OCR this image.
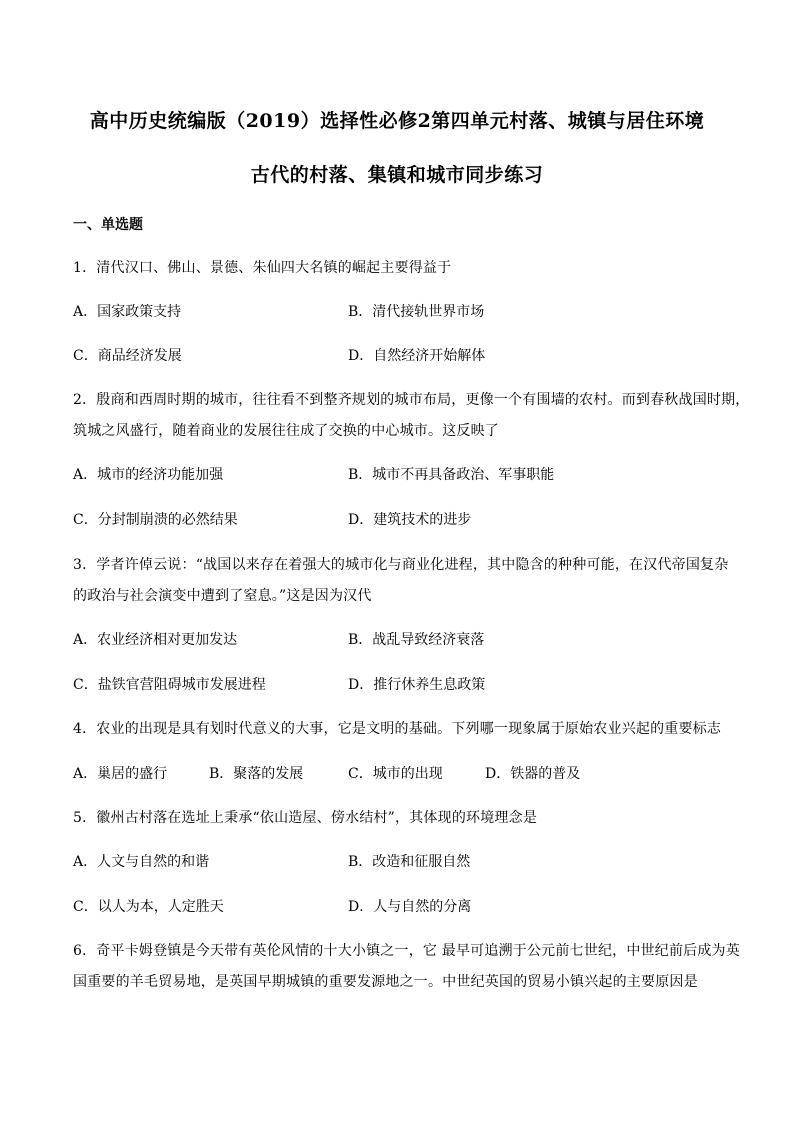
高中历史统编版（2019）选择性必修2第四单元村落、城镇与居住环境
古代的村落、集镇和城市同步练习
一、单选题
1．清代汉口、佛山、景德、朱仙四大名镇的崛起主要得益于
A．国家政策支持	B．清代接轨世界市场
C．商品经济发展	D．自然经济开始解体
2．殷商和西周时期的城市，往往看不到整齐规划的城市布局，更像一个有围墙的农村。而到春秋战国时期，
筑城之风盛行，随着商业的发展往往成了交换的中心城市。这反映了
A．城市的经济功能加强	B．城市不再具备政治、军事职能
C．分封制崩溃的必然结果	D．建筑技术的进步
3．学者许倬云说：“战国以来存在着强大的城市化与商业化进程，其中隐含的种种可能，在汉代帝国复杂
的政治与社会演变中遭到了窒息。”这是因为汉代
A．农业经济相对更加发达	B．战乱导致经济衰落
C．盐铁官营阻碍城市发展进程	D．推行休养生息政策
4．农业的出现是具有划时代意义的大事，它是文明的基础。下列哪一现象属于原始农业兴起的重要标志
A．巢居的盛行	B．聚落的发展	C．城市的出现	D．铁器的普及
5．徽州古村落在选址上秉承“依山造屋、傍水结村”，其体现的环境理念是
A．人文与自然的和谐	B．改造和征服自然
C．以人为本，人定胜天	D．人与自然的分离
6．奇平卡姆登镇是今天带有英伦风情的十大小镇之一，它 最早可追溯于公元前七世纪，中世纪前后成为英
国重要的羊毛贸易地，是英国早期城镇的重要发源地之一。中世纪英国的贸易小镇兴起的主要原因是
